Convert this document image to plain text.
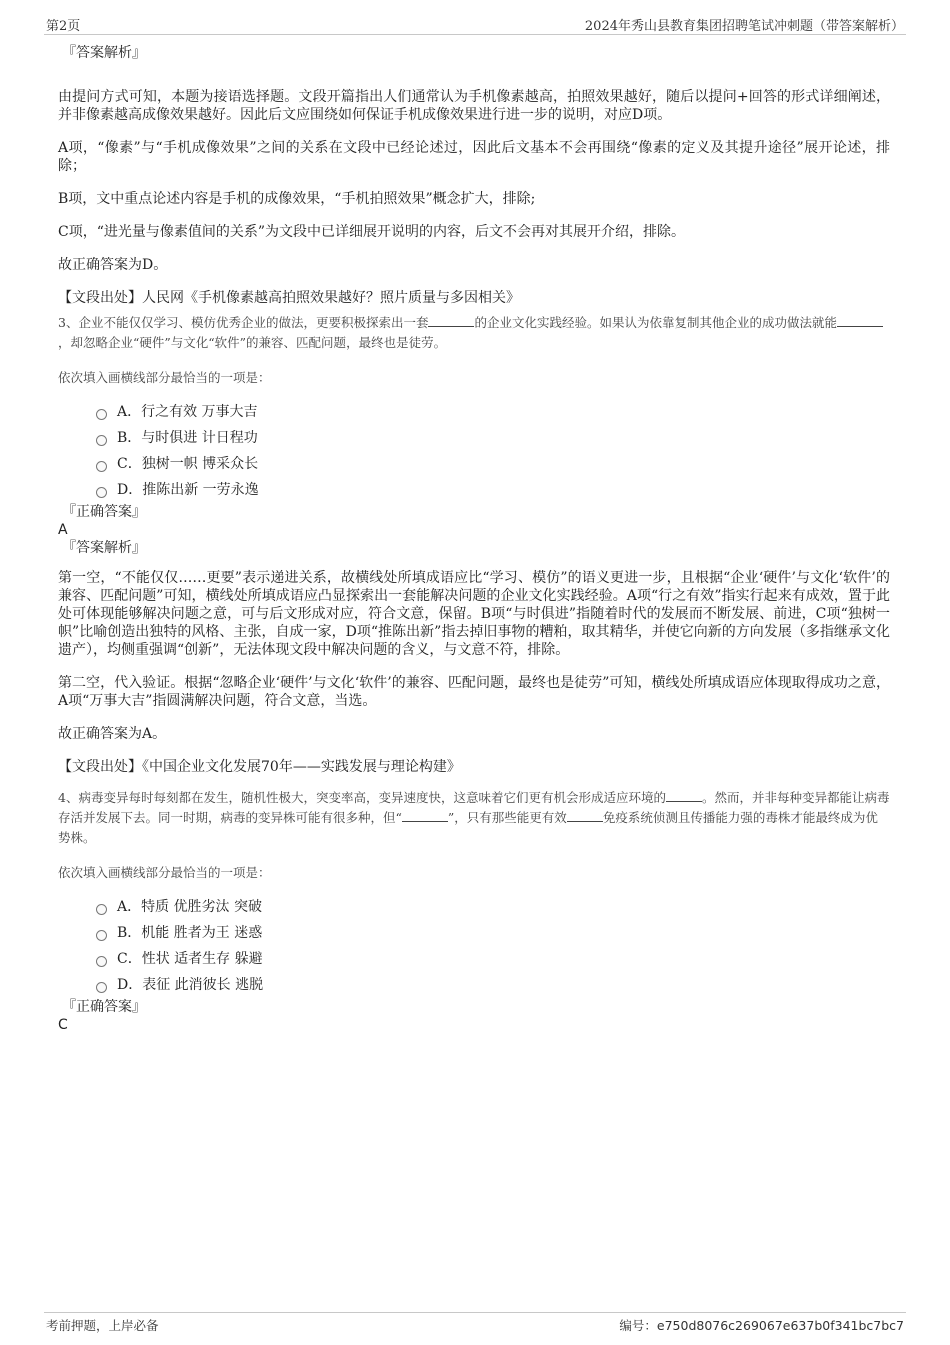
第2页	2024年秀山县教育集团招聘笔试冲刺题（带答案解析）

『答案解析』

由提问方式可知，本题为接语选择题。文段开篇指出人们通常认为手机像素越高，拍照效果越好，随后以提问+回答的形式详细阐述，并非像素越高成像效果越好。因此后文应围绕如何保证手机成像效果进行进一步的说明，对应D项。

A项，“像素”与“手机成像效果”之间的关系在文段中已经论述过，因此后文基本不会再围绕“像素的定义及其提升途径”展开论述，排除；

B项，文中重点论述内容是手机的成像效果，“手机拍照效果”概念扩大，排除;

C项，“进光量与像素值间的关系”为文段中已详细展开说明的内容，后文不会再对其展开介绍，排除。

故正确答案为D。

【文段出处】人民网《手机像素越高拍照效果越好？照片质量与多因相关》

3、企业不能仅仅学习、模仿优秀企业的做法，更要积极探索出一套	的企业文化实践经验。如果认为依靠复制其他企业的成功做法就能，却忽略企业“硬件”与文化“软件”的兼容、匹配问题，最终也是徒劳。

依次填入画横线部分最恰当的一项是：

A．行之有效 万事大吉
B．与时俱进 计日程功
C．独树一帜 博采众长
D．推陈出新 一劳永逸

『正确答案』

A

『答案解析』

第一空，“不能仅仅……更要”表示递进关系，故横线处所填成语应比“学习、模仿”的语义更进一步，且根据“企业‘硬件’与文化‘软件’的兼容、匹配问题”可知，横线处所填成语应凸显探索出一套能解决问题的企业文化实践经验。A项“行之有效”指实行起来有成效，置于此处可体现能够解决问题之意，可与后文形成对应，符合文意，保留。B项“与时俱进”指随着时代的发展而不断发展、前进，C项“独树一帜”比喻创造出独特的风格、主张，自成一家，D项“推陈出新”指去掉旧事物的糟粕，取其精华，并使它向新的方向发展（多指继承文化遗产），均侧重强调“创新”，无法体现文段中解决问题的含义，与文意不符，排除。

第二空，代入验证。根据“忽略企业‘硬件’与文化‘软件’的兼容、匹配问题，最终也是徒劳”可知，横线处所填成语应体现取得成功之意，A项“万事大吉”指圆满解决问题，符合文意，当选。

故正确答案为A。

【文段出处】《中国企业文化发展70年——实践发展与理论构建》

4、病毒变异每时每刻都在发生，随机性极大，突变率高，变异速度快，这意味着它们更有机会形成适应环境的	。然而，并非每种变异都能让病毒存活并发展下去。同一时期，病毒的变异株可能有很多种，但“	”，只有那些能更有效	免疫系统侦测且传播能力强的毒株才能最终成为优势株。

依次填入画横线部分最恰当的一项是：

A．特质 优胜劣汰 突破
B．机能 胜者为王 迷惑
C．性状 适者生存 躲避
D．表征 此消彼长 逃脱

『正确答案』

C

考前押题，上岸必备	编号：e750d8076c269067e637b0f341bc7bc7
